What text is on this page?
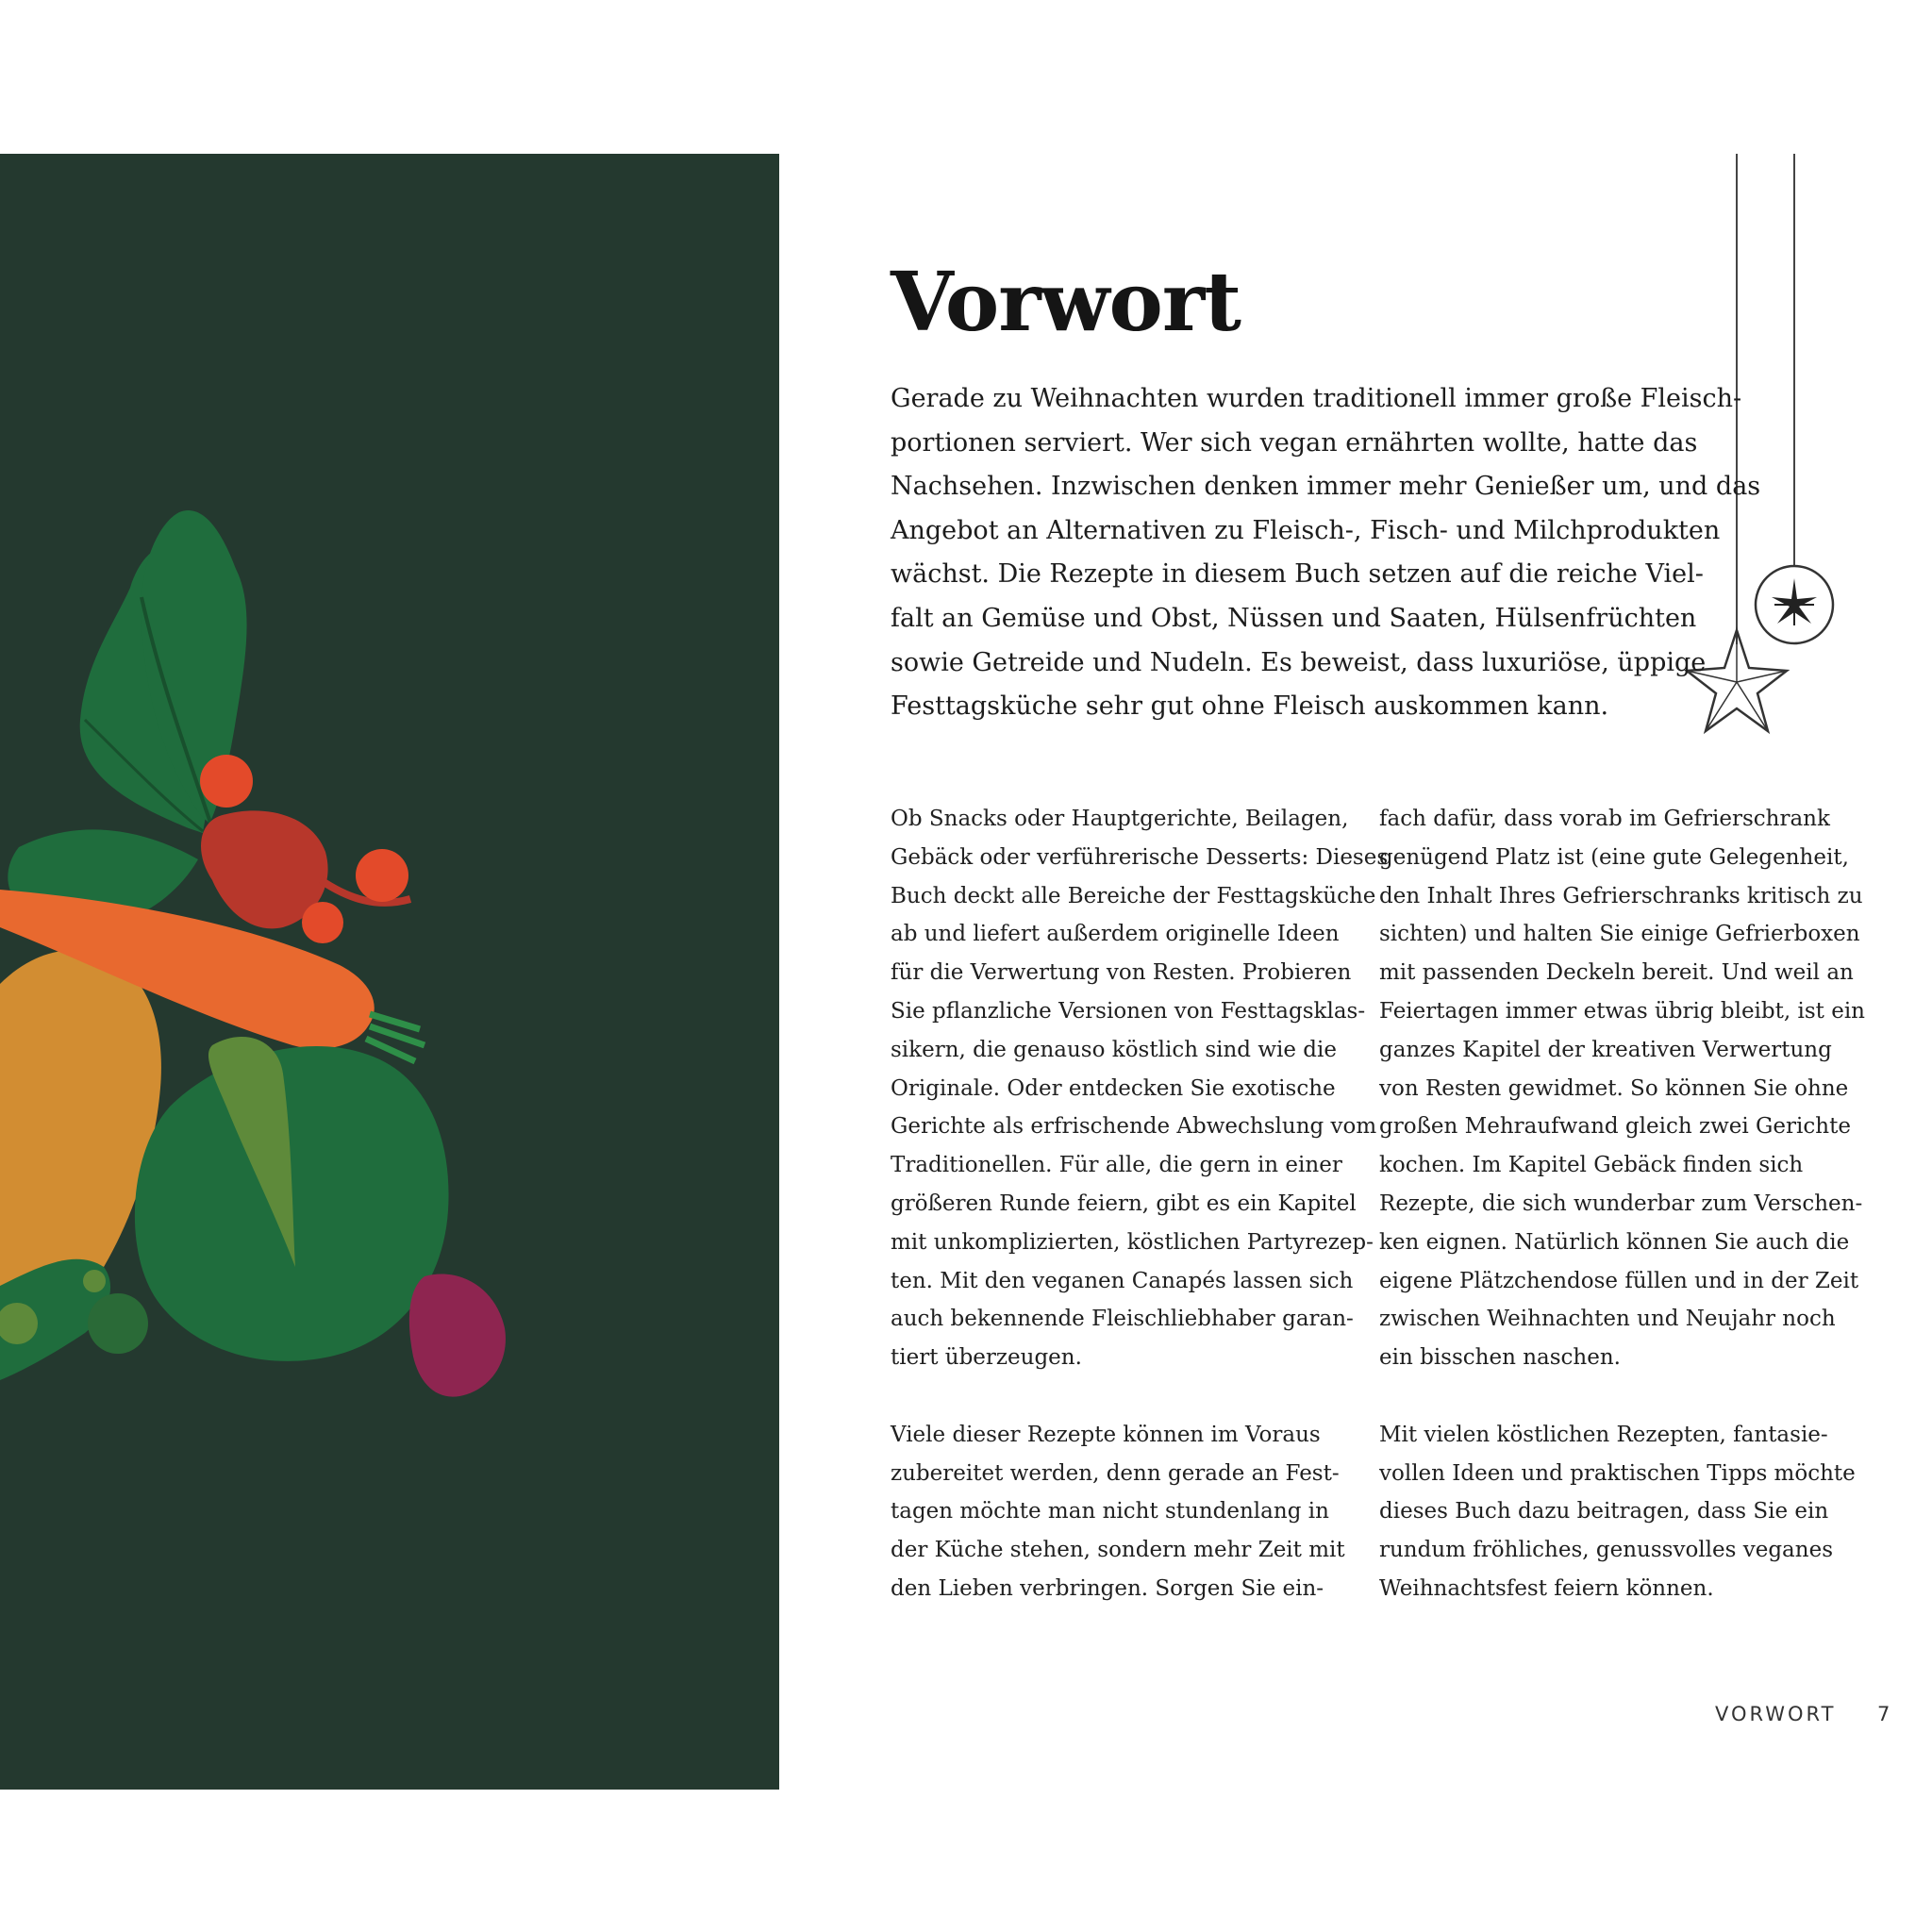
Vorwort
Gerade zu Weihnachten wurden traditionell immer große Fleisch-
portionen serviert. Wer sich vegan ernährten wollte, hatte das
Nachsehen. Inzwischen denken immer mehr Genießer um, und das
Angebot an Alternativen zu Fleisch-, Fisch- und Milchprodukten
wächst. Die Rezepte in diesem Buch setzen auf die reiche Viel-
falt an Gemüse und Obst, Nüssen und Saaten, Hülsenfrüchten
sowie Getreide und Nudeln. Es beweist, dass luxuriöse, üppige
Festtagsküche sehr gut ohne Fleisch auskommen kann.
Ob Snacks oder Hauptgerichte, Beilagen,
Gebäck oder verführerische Desserts: Dieses
Buch deckt alle Bereiche der Festtagsküche
ab und liefert außerdem originelle Ideen
für die Verwertung von Resten. Probieren
Sie pflanzliche Versionen von Festtagsklas-
sikern, die genauso köstlich sind wie die
Originale. Oder entdecken Sie exotische
Gerichte als erfrischende Abwechslung vom
Traditionellen. Für alle, die gern in einer
größeren Runde feiern, gibt es ein Kapitel
mit unkomplizierten, köstlichen Partyrezep-
ten. Mit den veganen Canapés lassen sich
auch bekennende Fleischliebhaber garan-
tiert überzeugen.
Viele dieser Rezepte können im Voraus
zubereitet werden, denn gerade an Fest-
tagen möchte man nicht stundenlang in
der Küche stehen, sondern mehr Zeit mit
den Lieben verbringen. Sorgen Sie ein-
fach dafür, dass vorab im Gefrierschrank
genügend Platz ist (eine gute Gelegenheit,
den Inhalt Ihres Gefrierschranks kritisch zu
sichten) und halten Sie einige Gefrierboxen
mit passenden Deckeln bereit. Und weil an
Feiertagen immer etwas übrig bleibt, ist ein
ganzes Kapitel der kreativen Verwertung
von Resten gewidmet. So können Sie ohne
großen Mehraufwand gleich zwei Gerichte
kochen. Im Kapitel Gebäck finden sich
Rezepte, die sich wunderbar zum Verschen-
ken eignen. Natürlich können Sie auch die
eigene Plätzchendose füllen und in der Zeit
zwischen Weihnachten und Neujahr noch
ein bisschen naschen.
Mit vielen köstlichen Rezepten, fantasie-
vollen Ideen und praktischen Tipps möchte
dieses Buch dazu beitragen, dass Sie ein
rundum fröhliches, genussvolles veganes
Weihnachtsfest feiern können.
VORWORT 7
